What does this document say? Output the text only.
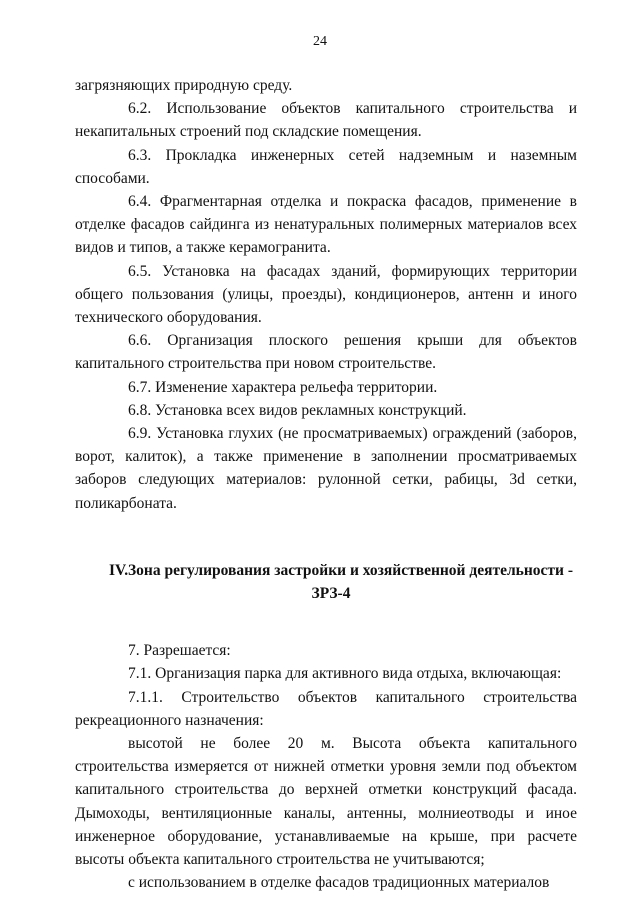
24

загрязняющих природную среду.

6.2. Использование объектов капитального строительства и некапитальных строений под складские помещения.

6.3. Прокладка инженерных сетей надземным и наземным способами.

6.4. Фрагментарная отделка и покраска фасадов, применение в отделке фасадов сайдинга из ненатуральных полимерных материалов всех видов и типов, а также керамогранита.

6.5. Установка на фасадах зданий, формирующих территории общего пользования (улицы, проезды), кондиционеров, антенн и иного технического оборудования.

6.6. Организация плоского решения крыши для объектов капитального строительства при новом строительстве.

6.7. Изменение характера рельефа территории.

6.8. Установка всех видов рекламных конструкций.

6.9. Установка глухих (не просматриваемых) ограждений (заборов, ворот, калиток), а также применение в заполнении просматриваемых заборов следующих материалов: рулонной сетки, рабицы, 3d сетки, поликарбоната.

IV.Зона регулирования застройки и хозяйственной деятельности -

ЗРЗ-4

7. Разрешается:

7.1. Организация парка для активного вида отдыха, включающая:

7.1.1. Строительство объектов капитального строительства рекреационного назначения:

высотой не более 20 м. Высота объекта капитального строительства измеряется от нижней отметки уровня земли под объектом капитального строительства до верхней отметки конструкций фасада. Дымоходы, вентиляционные каналы, антенны, молниеотводы и иное инженерное оборудование, устанавливаемые на крыше, при расчете высоты объекта капитального строительства не учитываются;

с использованием в отделке фасадов традиционных материалов
